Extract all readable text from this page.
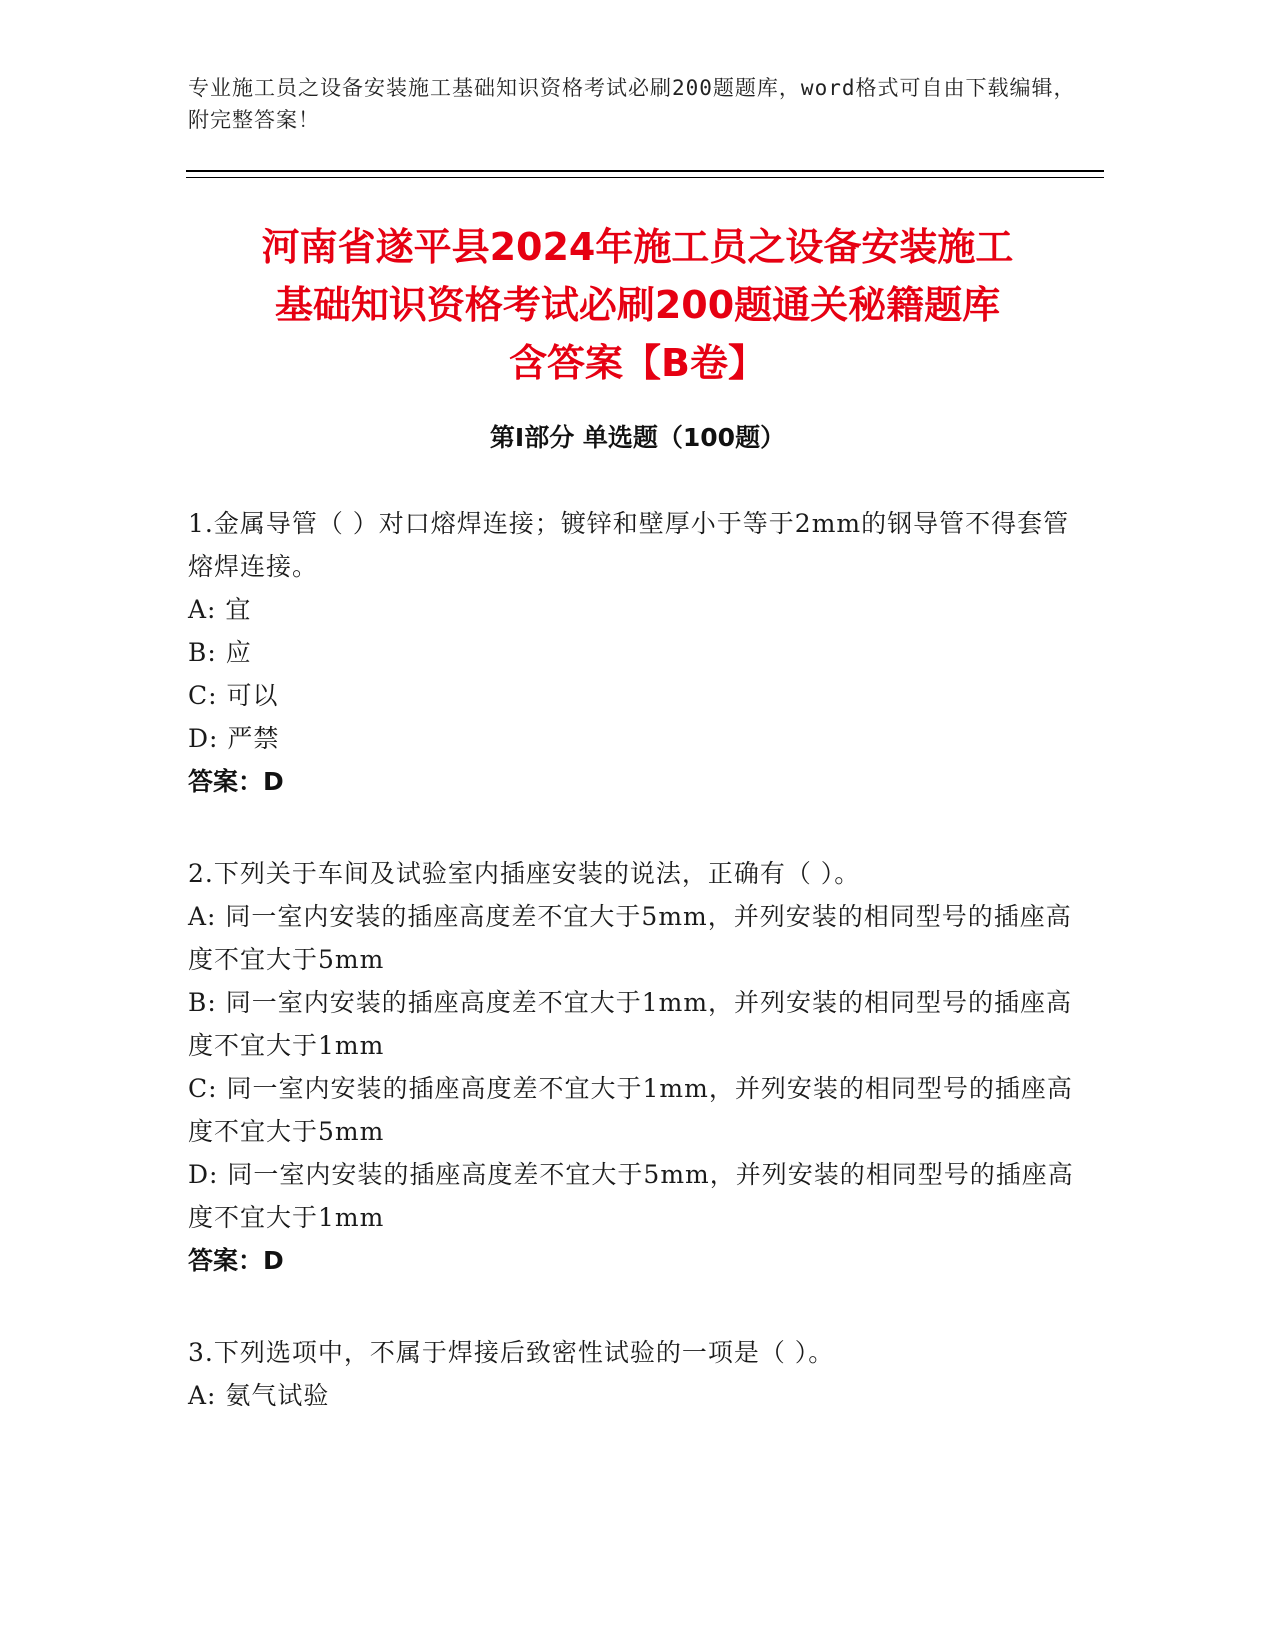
专业施工员之设备安装施工基础知识资格考试必刷200题题库，word格式可自由下载编辑，附完整答案！
河南省遂平县2024年施工员之设备安装施工
基础知识资格考试必刷200题通关秘籍题库
含答案【B卷】
第Ⅰ部分 单选题（100题）

1.金属导管（ ）对口熔焊连接；镀锌和壁厚小于等于2mm的钢导管不得套管熔焊连接。

A: 宜

B: 应

C: 可以

D: 严禁

答案：D

2.下列关于车间及试验室内插座安装的说法，正确有（ ）。

A: 同一室内安装的插座高度差不宜大于5mm，并列安装的相同型号的插座高度不宜大于5mm

B: 同一室内安装的插座高度差不宜大于1mm，并列安装的相同型号的插座高度不宜大于1mm

C: 同一室内安装的插座高度差不宜大于1mm，并列安装的相同型号的插座高度不宜大于5mm

D: 同一室内安装的插座高度差不宜大于5mm，并列安装的相同型号的插座高度不宜大于1mm

答案：D

3.下列选项中，不属于焊接后致密性试验的一项是（ ）。

A: 氨气试验
